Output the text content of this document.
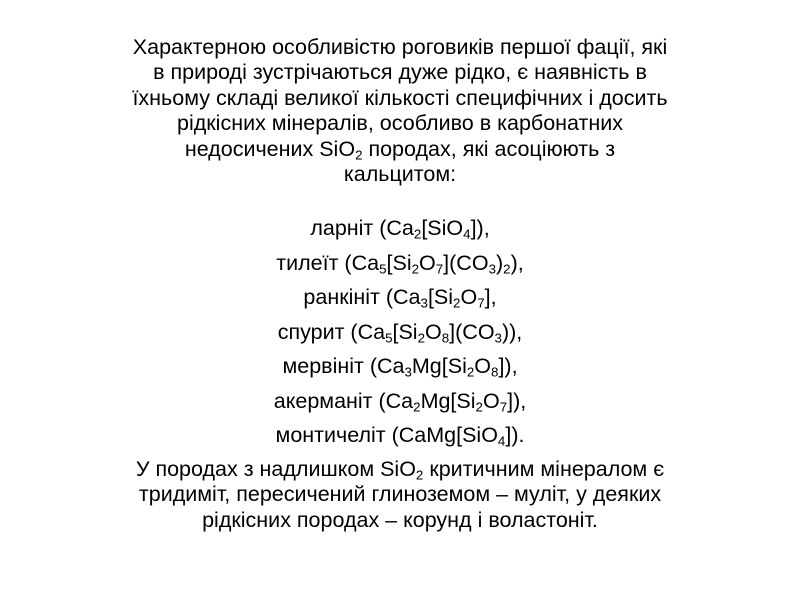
Характерною особливістю роговиків першої фації, які
в природі зустрічаються дуже рідко, є наявність в
їхньому складі великої кількості специфічних і досить
рідкісних мінералів, особливо в карбонатних
недосичених SiO$_2$ породах, які асоціюють з
кальцитом:
ларніт $(Ca_2[SiO_4])$,
тилеїт $(Ca_5[Si_2O_7](CO_3)_2)$,
ранкініт ($Ca_3[Si_2O_7]$,
спурит $(Ca_5[Si_2O_8](CO_3))$,
мервініт $(Ca_3Mg[Si_2O_8])$,
акерманіт $(Ca_2Mg[Si_2O_7])$,
монтичеліт (CaMg[SiO$_4$]).
У породах з надлишком SiO$_2$ критичним мінералом є
тридиміт, пересичений глиноземом – муліт, у деяких
рідкісних породах – корунд і воластоніт.
